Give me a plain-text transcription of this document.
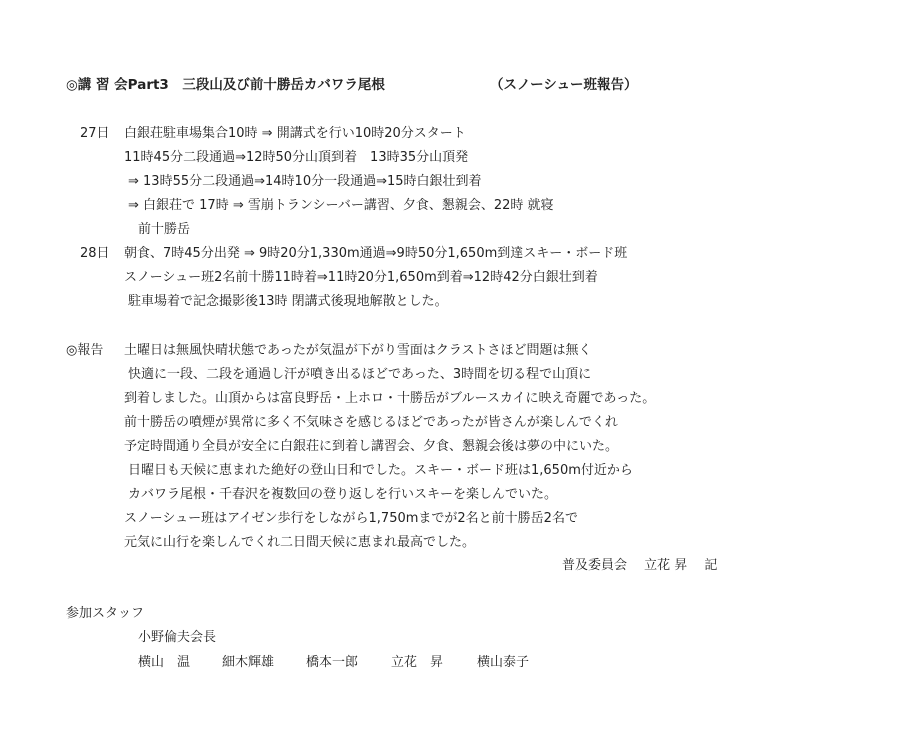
◎講 習 会Part3　三段山及び前十勝岳カバワラ尾根	（スノーシュー班報告）
27日 白銀荘駐車場集合10時 ⇒ 開講式を行い10時20分スタート
11時45分二段通過⇒12時50分山頂到着　13時35分山頂発
⇒ 13時55分二段通過⇒14時10分一段通過⇒15時白銀壮到着
⇒ 白銀荘で 17時 ⇒ 雪崩トランシーバー講習、夕食、懇親会、22時 就寝
前十勝岳
28日 朝食、7時45分出発 ⇒ 9時20分1,330m通過⇒9時50分1,650m到達スキー・ボード班
スノーシュー班2名前十勝11時着⇒11時20分1,650m到着⇒12時42分白銀壮到着
駐車場着で記念撮影後13時 閉講式後現地解散とした。
◎報告 土曜日は無風快晴状態であったが気温が下がり雪面はクラストさほど問題は無く
快適に一段、二段を通過し汗が噴き出るほどであった、3時間を切る程で山頂に
到着しました。山頂からは富良野岳・上ホロ・十勝岳がブルースカイに映え奇麗であった。
前十勝岳の噴煙が異常に多く不気味さを感じるほどであったが皆さんが楽しんでくれ
予定時間通り全員が安全に白銀荘に到着し講習会、夕食、懇親会後は夢の中にいた。
日曜日も天候に恵まれた絶好の登山日和でした。スキー・ボード班は1,650m付近から
カバワラ尾根・千春沢を複数回の登り返しを行いスキーを楽しんでいた。
スノーシュー班はアイゼン歩行をしながら1,750mまでが2名と前十勝岳2名で
元気に山行を楽しんでくれ二日間天候に恵まれ最高でした。
普及委員会　 立花 昇　 記
参加スタッフ
小野倫夫会長
横山　温 細木輝雄 橋本一郎	立花　昇	横山泰子
